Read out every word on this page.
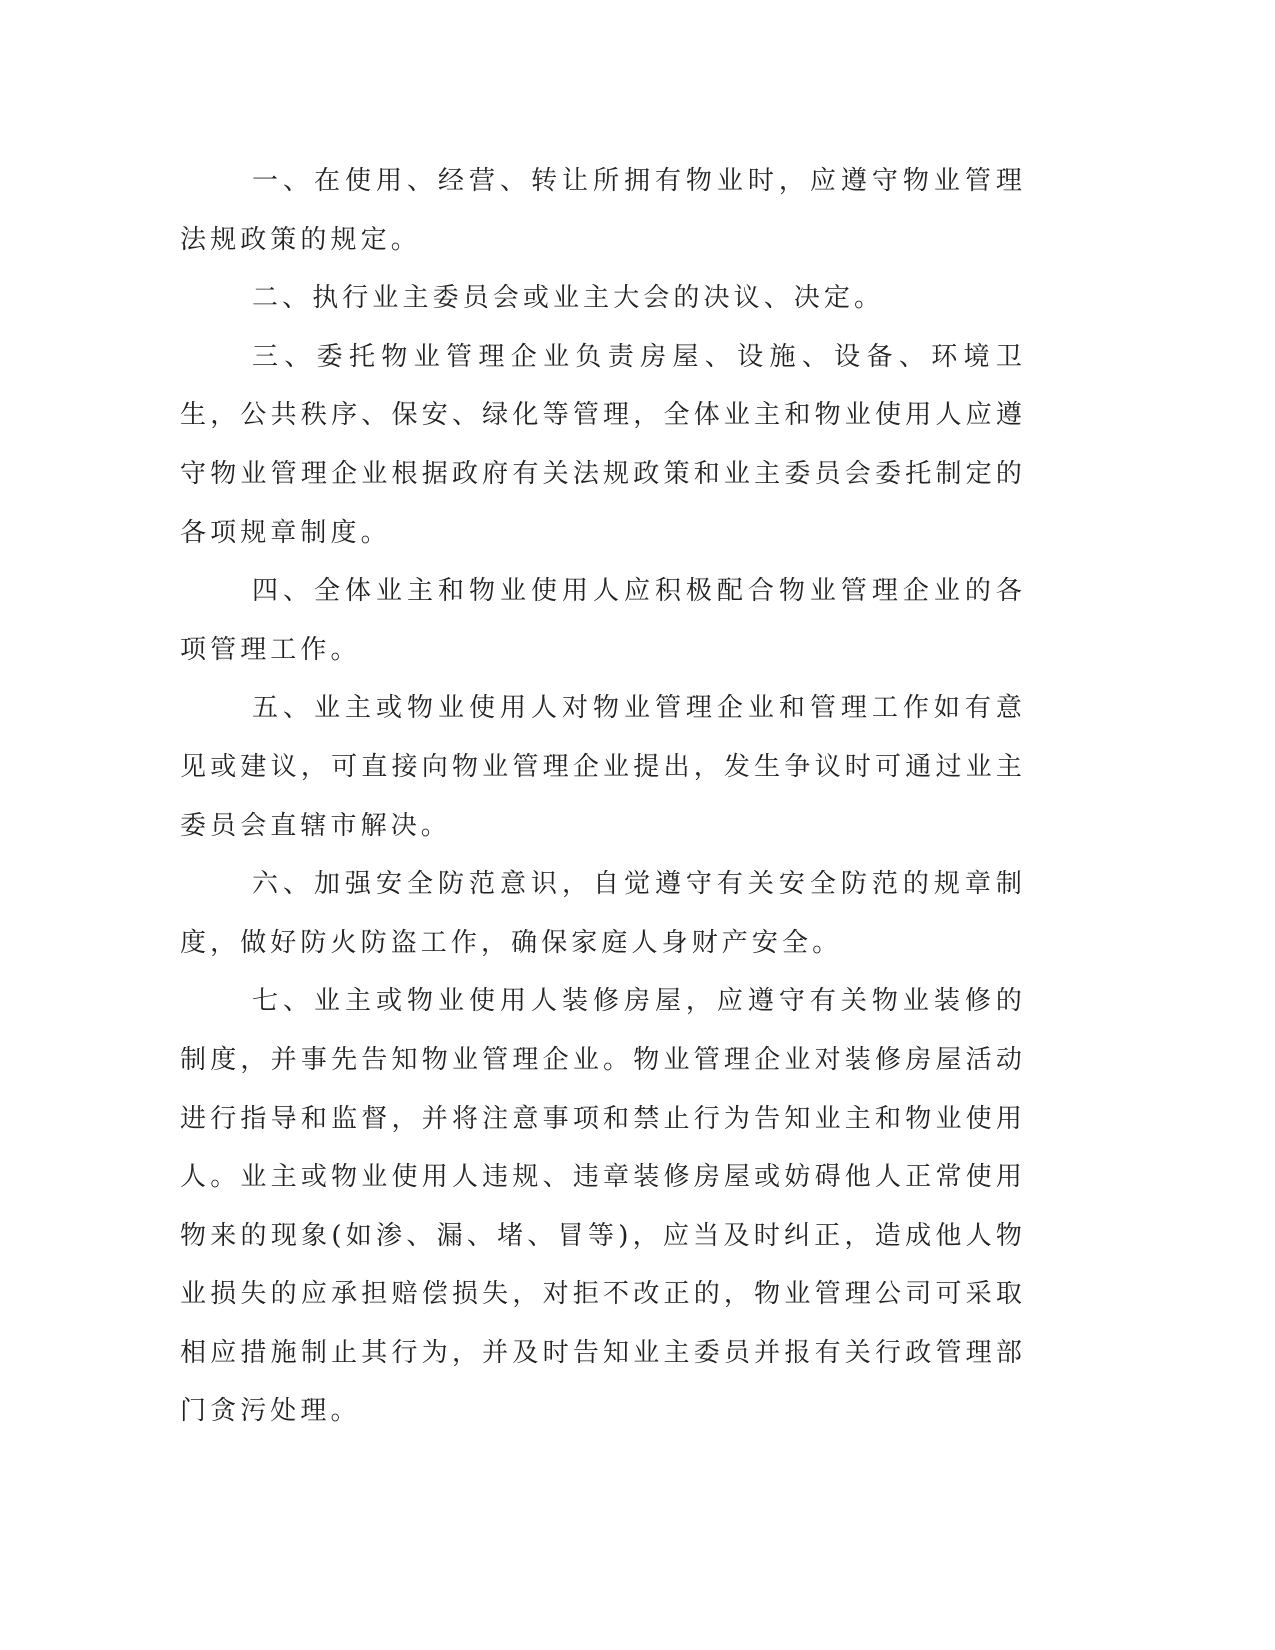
一、在使用、经营、转让所拥有物业时，应遵守物业管理法规政策的规定。

二、执行业主委员会或业主大会的决议、决定。

三、委托物业管理企业负责房屋、设施、设备、环境卫生，公共秩序、保安、绿化等管理，全体业主和物业使用人应遵守物业管理企业根据政府有关法规政策和业主委员会委托制定的各项规章制度。

四、全体业主和物业使用人应积极配合物业管理企业的各项管理工作。

五、业主或物业使用人对物业管理企业和管理工作如有意见或建议，可直接向物业管理企业提出，发生争议时可通过业主委员会直辖市解决。

六、加强安全防范意识，自觉遵守有关安全防范的规章制度，做好防火防盗工作，确保家庭人身财产安全。

七、业主或物业使用人装修房屋，应遵守有关物业装修的制度，并事先告知物业管理企业。物业管理企业对装修房屋活动进行指导和监督，并将注意事项和禁止行为告知业主和物业使用人。业主或物业使用人违规、违章装修房屋或妨碍他人正常使用物来的现象(如渗、漏、堵、冒等)，应当及时纠正，造成他人物业损失的应承担赔偿损失，对拒不改正的，物业管理公司可采取相应措施制止其行为，并及时告知业主委员并报有关行政管理部门贪污处理。
